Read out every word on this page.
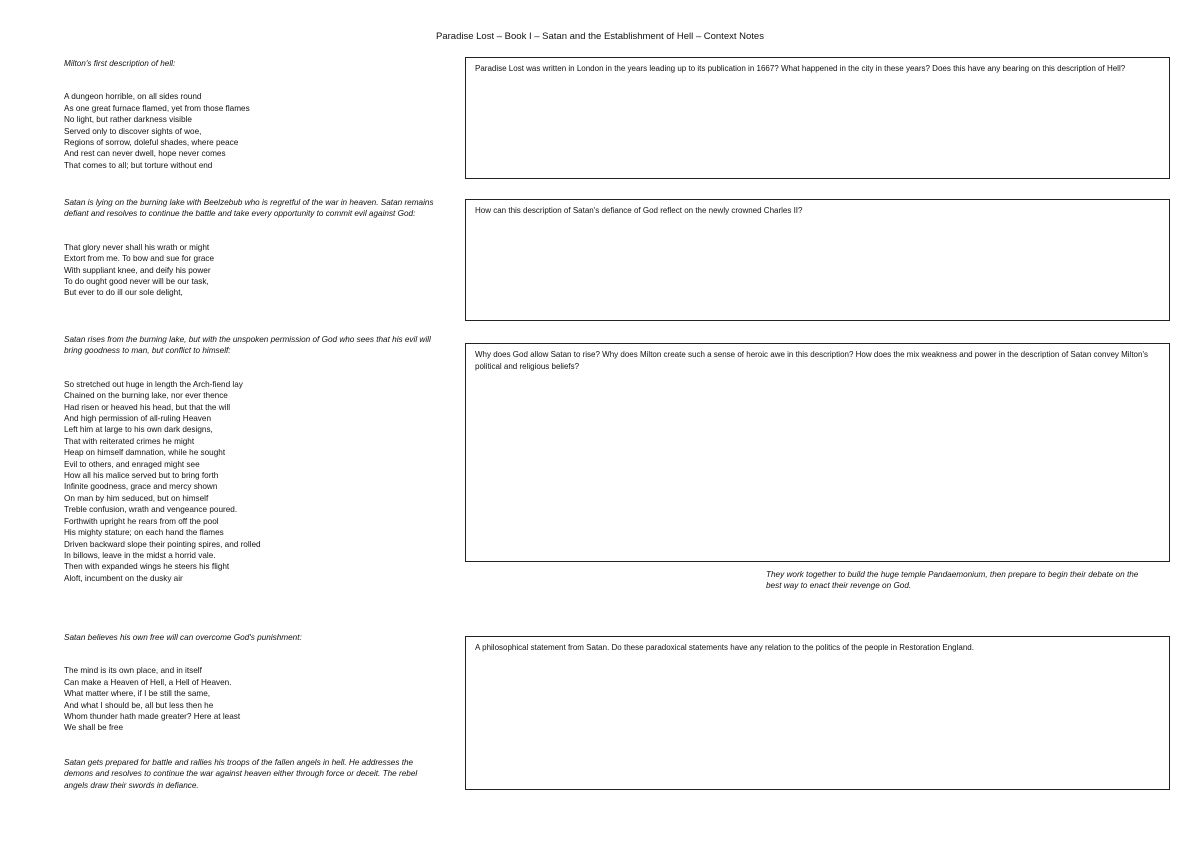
Paradise Lost – Book I – Satan and the Establishment of Hell – Context Notes
Milton's first description of hell:
A dungeon horrible, on all sides round
As one great furnace flamed, yet from those flames
No light, but rather darkness visible
Served only to discover sights of woe,
Regions of sorrow, doleful shades, where peace
And rest can never dwell, hope never comes
That comes to all; but torture without end
Satan is lying on the burning lake with Beelzebub who is regretful of the war in heaven. Satan remains defiant and resolves to continue the battle and take every opportunity to commit evil against God:
That glory never shall his wrath or might
Extort from me. To bow and sue for grace
With suppliant knee, and deify his power
To do ought good never will be our task,
But ever to do ill our sole delight,
Satan rises from the burning lake, but with the unspoken permission of God who sees that his evil will bring goodness to man, but conflict to himself:
So stretched out huge in length the Arch-fiend lay
Chained on the burning lake, nor ever thence
Had risen or heaved his head, but that the will
And high permission of all-ruling Heaven
Left him at large to his own dark designs,
That with reiterated crimes he might
Heap on himself damnation, while he sought
Evil to others, and enraged might see
How all his malice served but to bring forth
Infinite goodness, grace and mercy shown
On man by him seduced, but on himself
Treble confusion, wrath and vengeance poured.
Forthwith upright he rears from off the pool
His mighty stature; on each hand the flames
Driven backward slope their pointing spires, and rolled
In billows, leave in the midst a horrid vale.
Then with expanded wings he steers his flight
Aloft, incumbent on the dusky air
Satan believes his own free will can overcome God's punishment:
The mind is its own place, and in itself
Can make a Heaven of Hell, a Hell of Heaven.
What matter where, if I be still the same,
And what I should be, all but less then he
Whom thunder hath made greater? Here at least
We shall be free
Satan gets prepared for battle and rallies his troops of the fallen angels in hell. He addresses the demons and resolves to continue the war against heaven either through force or deceit. The rebel angels draw their swords in defiance.
Paradise Lost was written in London in the years leading up to its publication in 1667? What happened in the city in these years? Does this have any bearing on this description of Hell?
How can this description of Satan's defiance of God reflect on the newly crowned Charles II?
Why does God allow Satan to rise? Why does Milton create such a sense of heroic awe in this description? How does the mix weakness and power in the description of Satan convey Milton's political and religious beliefs?
They work together to build the huge temple Pandaemonium, then prepare to begin their debate on the best way to enact their revenge on God.
A philosophical statement from Satan. Do these paradoxical statements have any relation to the politics of the people in Restoration England.
